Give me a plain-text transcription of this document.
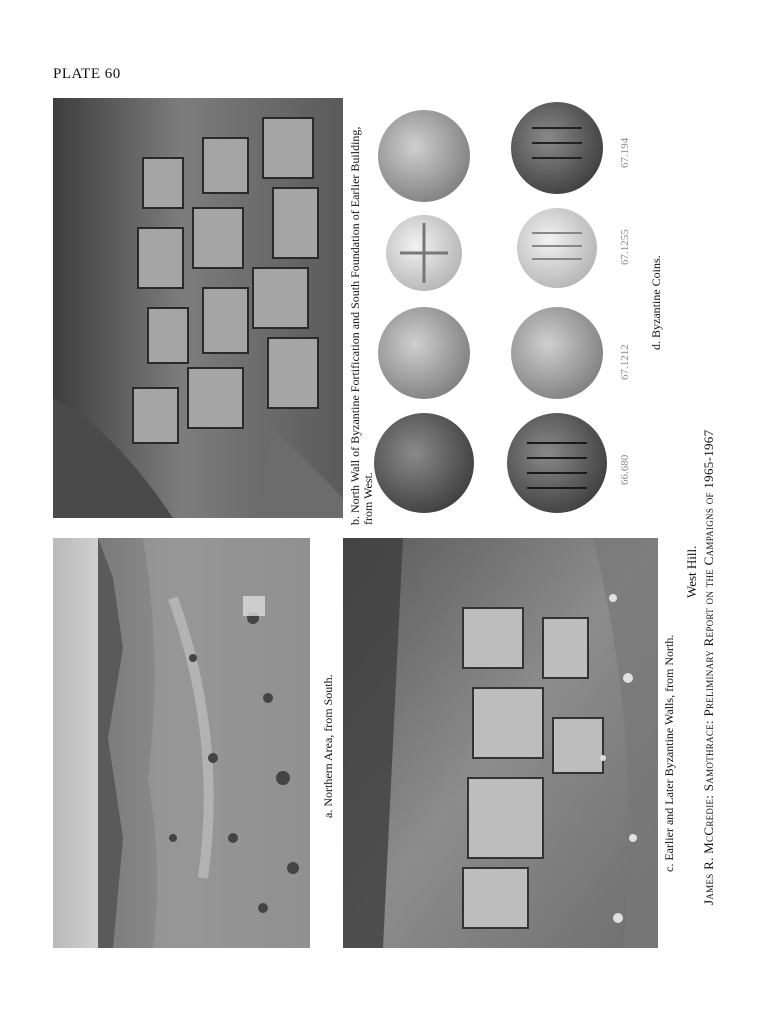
PLATE 60
a. Northern Area, from South.
b. North Wall of Byzantine Fortification and South Foundation of Earlier Building, from West.
66.680
67.1212
67.1255
67.194
d. Byzantine Coins.
c. Earlier and Later Byzantine Walls, from North.
West Hill. James R. McCredie: Samothrace: Preliminary Report on the Campaigns of 1965-1967
